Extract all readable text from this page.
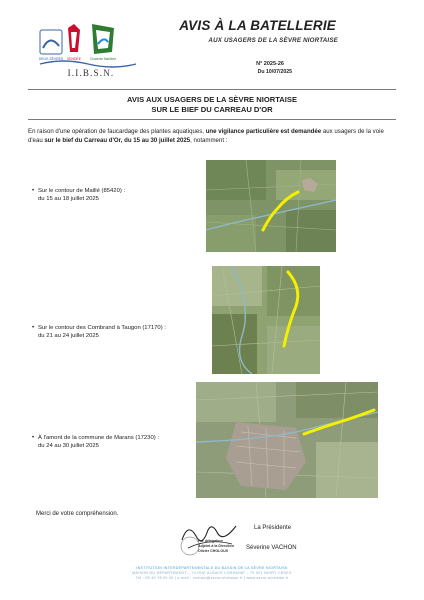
DEUX-SÈVRES VENDÉE	Charente Maritime
I.I.B.S.N.
AVIS À LA BATELLERIE
AUX USAGERS DE LA SÈVRE NIORTAISE
N° 2025-26
Du 10/07/2025
AVIS AUX USAGERS DE LA SÈVRE NIORTAISE
SUR LE BIEF DU CARREAU D'OR

En raison d'une opération de faucardage des plantes aquatiques, une vigilance particulière est demandée aux usagers de la voie d'eau sur le bief du Carreau d'Or, du 15 au 30 juillet 2025, notamment :

• Sur le contour de Maillé (85420) :
du 15 au 18 juillet 2025
• Sur le contour des Combrand à Taugon (17170) :
du 21 au 24 juillet 2025
• À l'amont de la commune de Marans (17230) :
du 24 au 30 juillet 2025
Merci de votre compréhension.
Par délégation
Adjoint à la Direction
Olivier CHOLOUX
La Présidente
Séverine VACHON
INSTITUTION INTERDÉPARTEMENTALE DU BASSIN DE LA SÈVRE NIORTAISE
MAISON DU DÉPARTEMENT – 74 RUE ALSACE LORRAINE – 79 021 NIORT CEDEX
Tél : 05 49 78 00 00 | e-mail : contact@sevre-niortaise.fr | www.sevre-niortaise.fr
